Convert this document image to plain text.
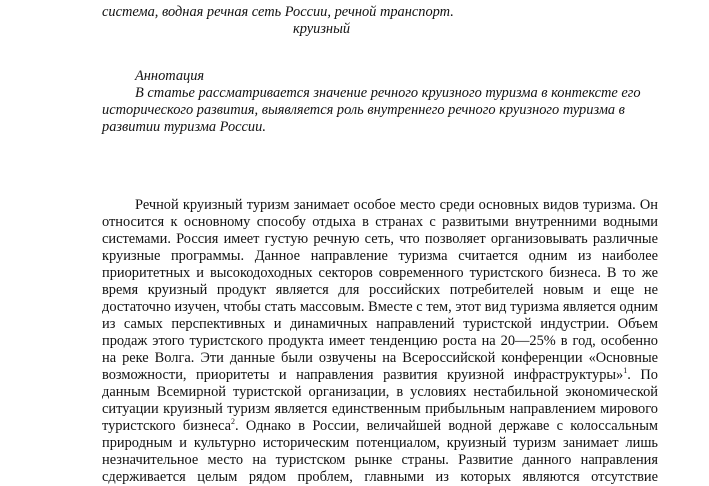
система, водная речная сеть России, речной транспорт.
круизный
Аннотация
В статье рассматривается значение речного круизного туризма в контексте его
исторического развития, выявляется роль внутреннего речного круизного туризма в
развитии туризма России.
Речной круизный туризм занимает особое место среди основных видов туризма. Он
относится к основному способу отдыха в странах с развитыми внутренними водными
системами. Россия имеет густую речную сеть, что позволяет организовывать различные
круизные программы. Данное направление туризма считается одним из наиболее
приоритетных и высокодоходных секторов современного туристского бизнеса. В то же
время круизный продукт является для российских потребителей новым и еще не
достаточно изучен, чтобы стать массовым. Вместе с тем, этот вид туризма является одним
из самых перспективных и динамичных направлений туристской индустрии. Объем
продаж этого туристского продукта имеет тенденцию роста на 20—25% в год, особенно
на реке Волга. Эти данные были озвучены на Всероссийской конференции «Основные
возможности, приоритеты и направления развития круизной инфраструктуры»$^1$. По
данным Всемирной туристской организации, в условиях нестабильной экономической
ситуации круизный туризм является единственным прибыльным направлением мирового
туристского бизнеса$^2$. Однако в России, величайшей водной державе с колоссальным
природным и культурно историческим потенциалом, круизный туризм занимает лишь
незначительное место на туристском рынке страны. Развитие данного направления
сдерживается целым рядом проблем, главными из которых являются отсутствие
